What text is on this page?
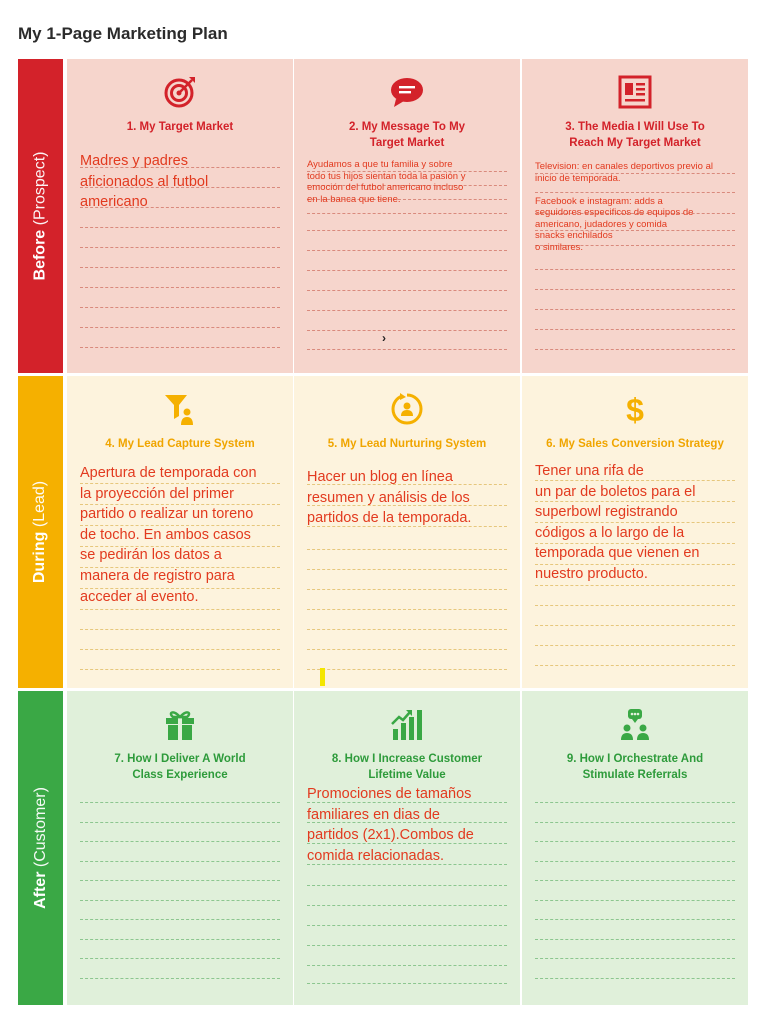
My 1-Page Marketing Plan
Before (Prospect)
During (Lead)
After (Customer)
1. My Target Market
Madres y padres
aficionados al futbol
americano
2. My Message To My
Target Market
Ayudamos a que tu familia y sobre
todo tus hijos sientan toda la pasión y
emoción del futbol americano incluso
en la banca que tiene.
›
3. The Media I Will Use To
Reach My Target Market
Television: en canales deportivos previo al
inicio de temporada.

Facebook e instagram: adds a
seguidores especificos de equipos de
americano, judadores y comida
snacks enchilados
o similares.
4. My Lead Capture System
Apertura de temporada con
la proyección del primer
partido o realizar un toreno
de tocho. En ambos casos
se pedirán los datos a
manera de registro para
acceder al evento.
5. My Lead Nurturing System
Hacer un blog en línea
resumen y análisis de los
partidos de la temporada.
$
6. My Sales Conversion Strategy
Tener una rifa de
un par de boletos para el
superbowl registrando
códigos a lo largo de la
temporada que vienen en
nuestro producto.
7. How I Deliver A World
Class Experience
8. How I Increase Customer
Lifetime Value
Promociones de tamaños
familiares en dias de
partidos (2x1).Combos de
comida relacionadas.
9. How I Orchestrate And
Stimulate Referrals
